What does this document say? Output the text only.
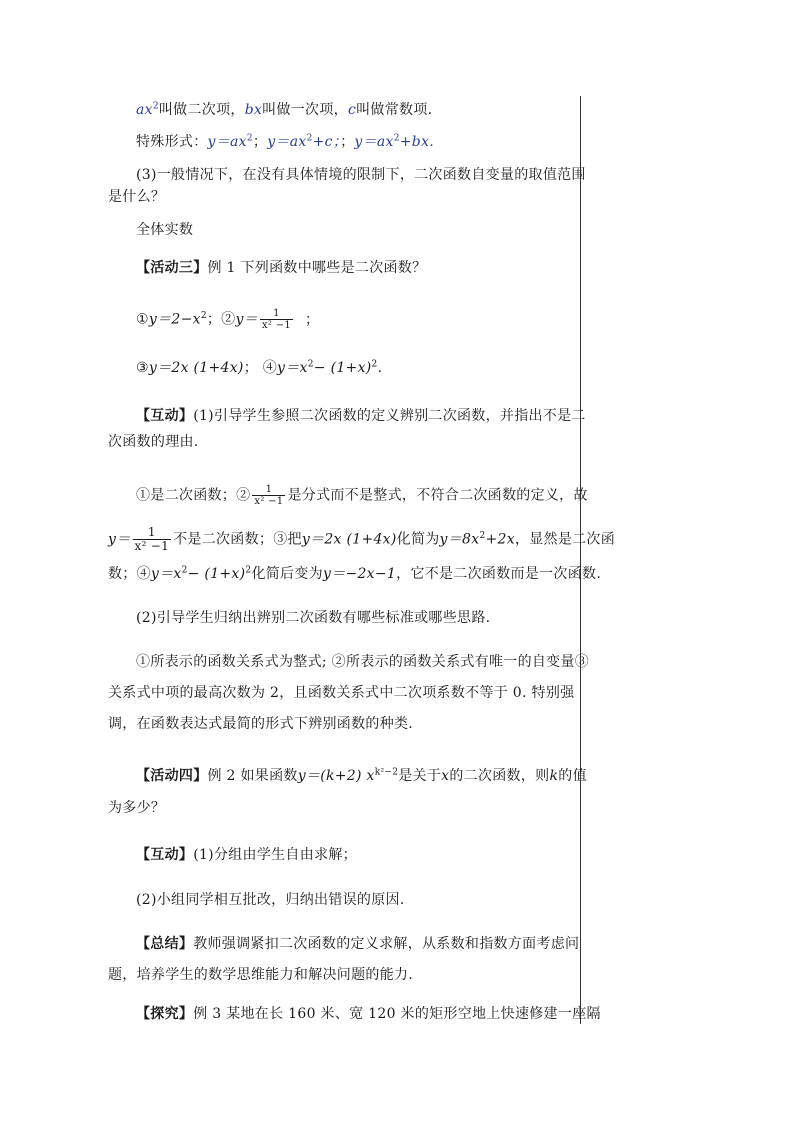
$ax^2$叫做二次项，bx叫做一次项，c叫做常数项.
特殊形式：$y=ax^2$；$y=ax^2+c$；；$y=ax^2+bx$.
(3)一般情况下，在没有具体情境的限制下，二次函数自变量的取值范围
是什么？
全体实数
【活动三】例 1 下列函数中哪些是二次函数？
$①y=2-x^2$；②y＝ $\frac{1}{\text{x² −1}}$ ；
③y＝2x (1+4x)； $④y=x^2- (1+x)^2$.
【互动】(1)引导学生参照二次函数的定义辨别二次函数，并指出不是二
次函数的理由.
①是二次函数；② $\frac{1}{\text{x² −1}}$ 是分式而不是整式，不符合二次函数的定义，故
$y= \frac{1}{\text{x² −1}}$ 不是二次函数；③把y＝2x (1+4x)化简为$y=8x^2+2x$，显然是二次函
数；$④y=x^2- (1+x)^2$化简后变为y＝−2x−1，它不是二次函数而是一次函数.
(2)引导学生归纳出辨别二次函数有哪些标准或哪些思路.
①所表示的函数关系式为整式; ②所表示的函数关系式有唯一的自变量③
关系式中项的最高次数为 2，且函数关系式中二次项系数不等于 0. 特别强
调，在函数表达式最简的形式下辨别函数的种类.
【活动四】例 2 如果函数y＝(k+2) $x^{k^2-2}$是关于x的二次函数，则k的值
为多少？
【互动】(1)分组由学生自由求解；
(2)小组同学相互批改，归纳出错误的原因.
【总结】教师强调紧扣二次函数的定义求解，从系数和指数方面考虑问
题，培养学生的数学思维能力和解决问题的能力.
【探究】例 3 某地在长 160 米、宽 120 米的矩形空地上快速修建一座隔
